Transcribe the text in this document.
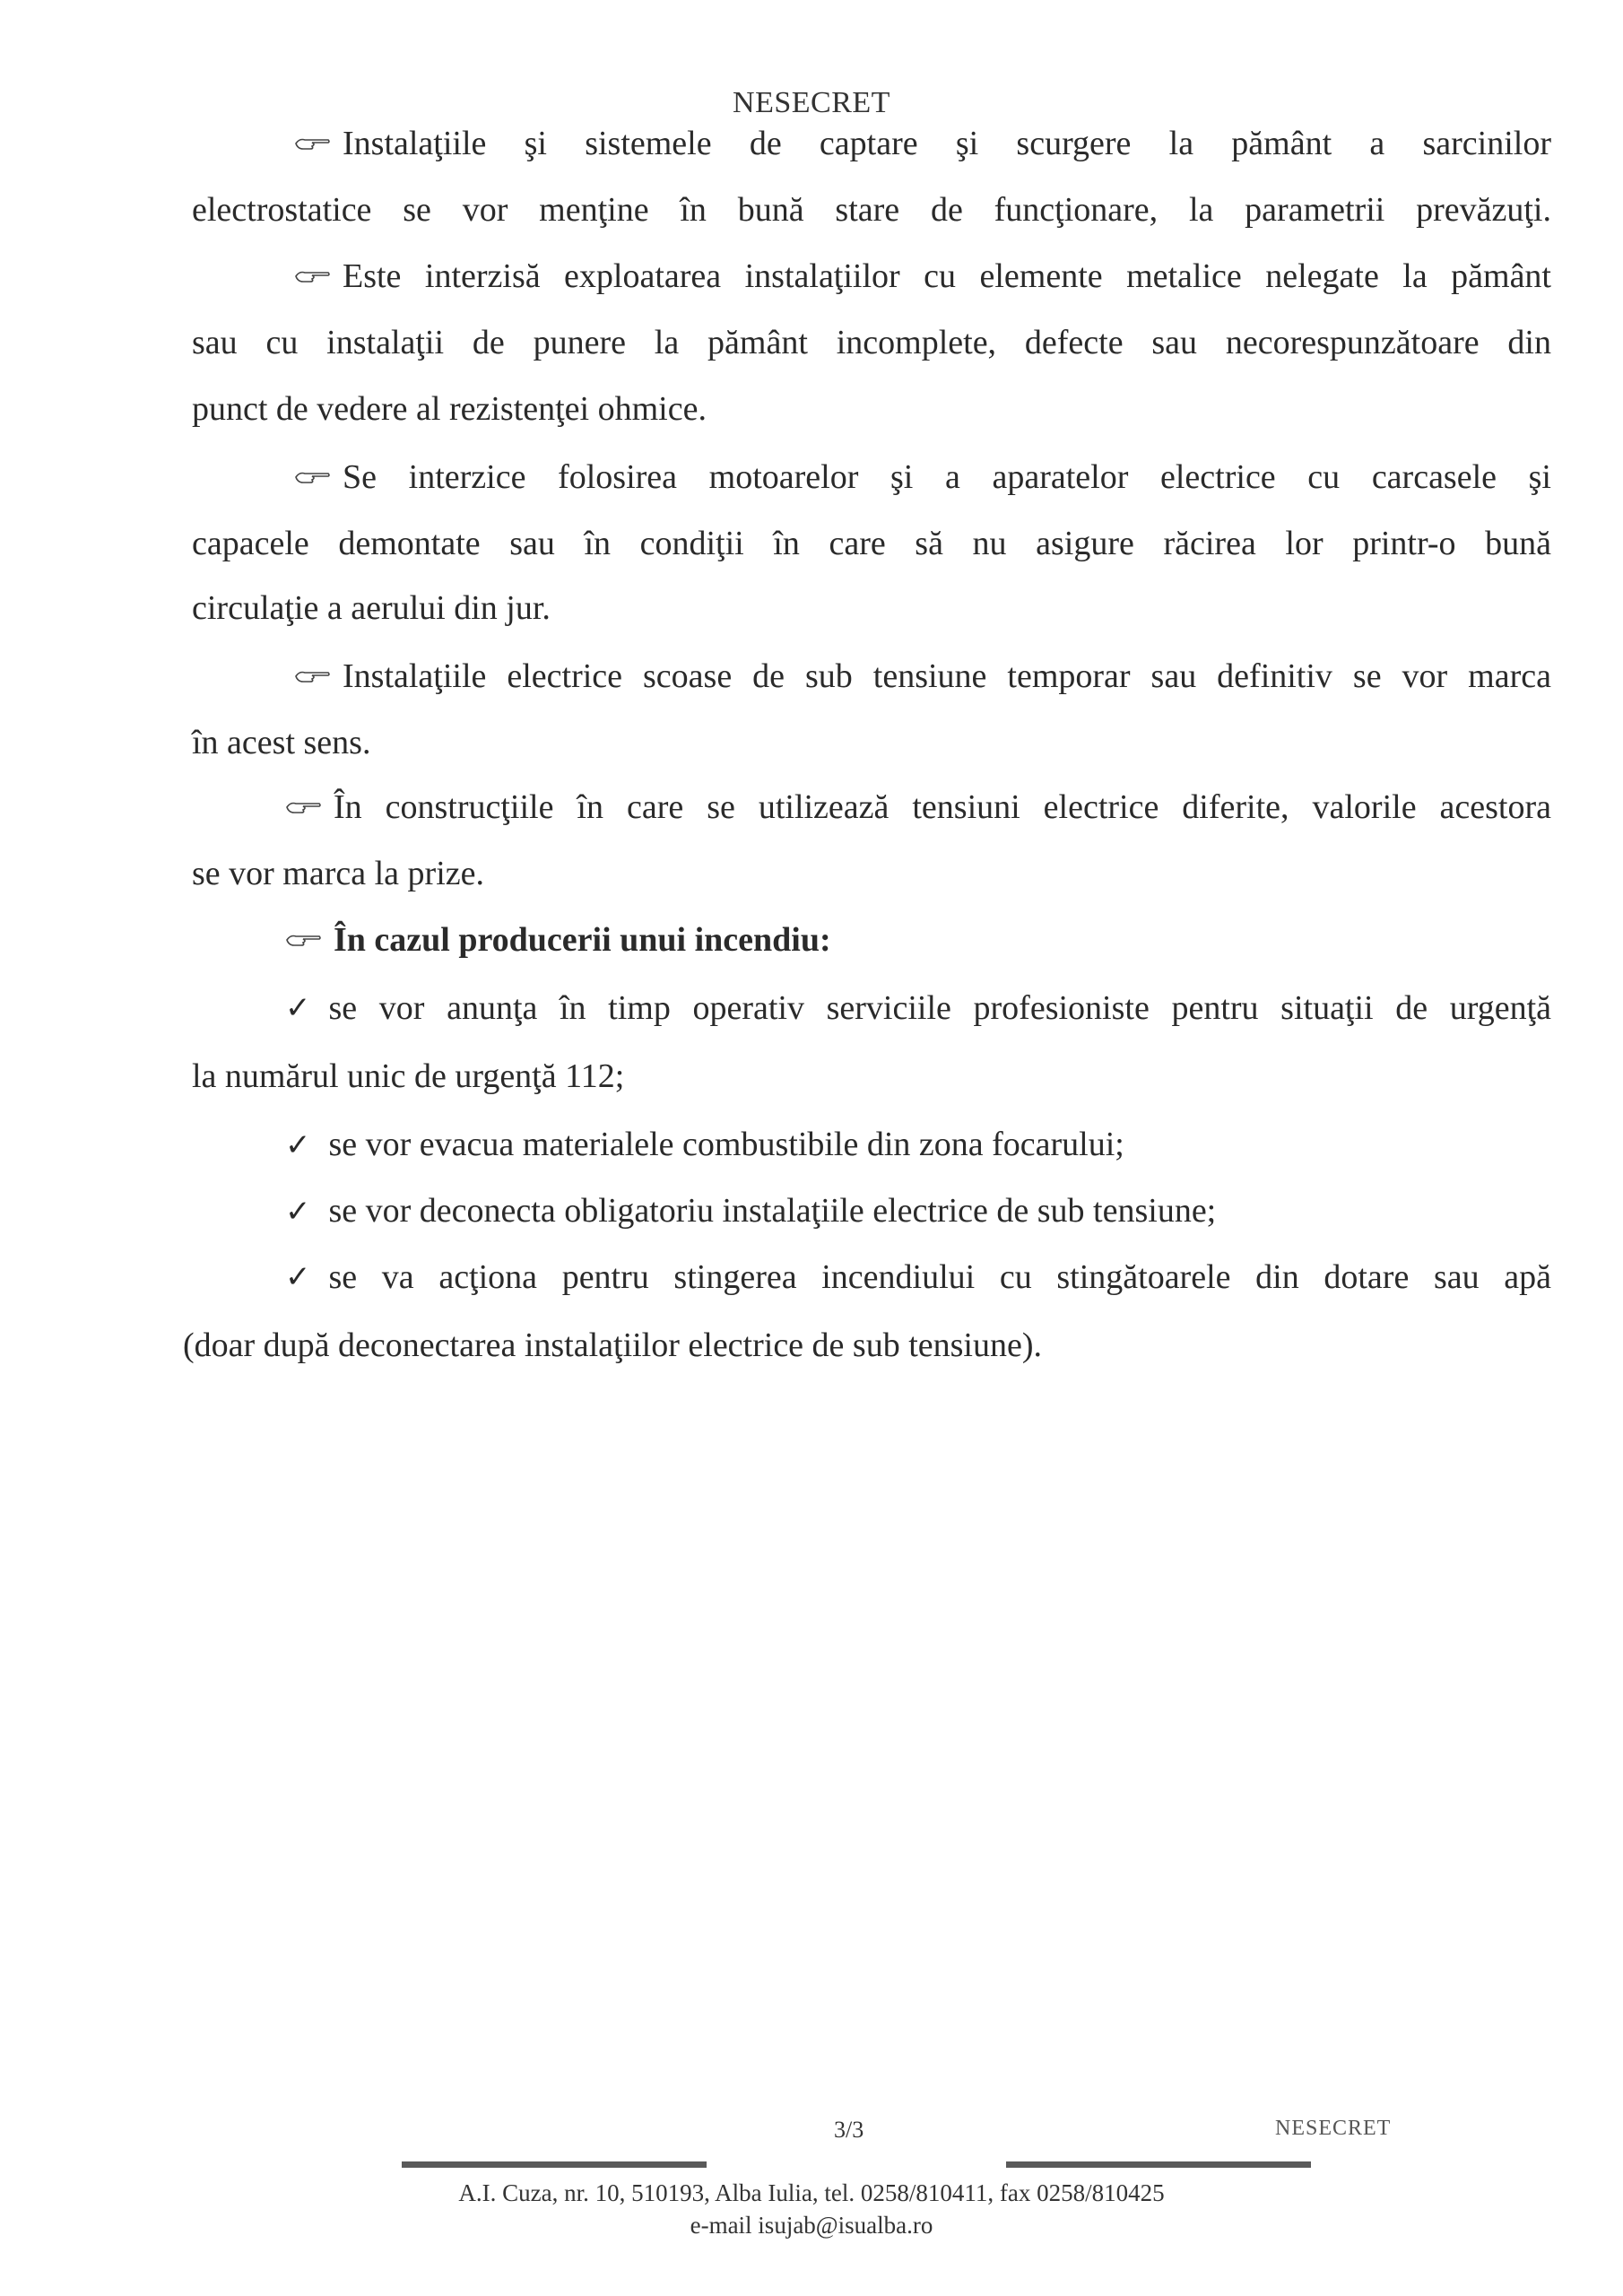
NESECRET
Instalaţiile şi sistemele de captare şi scurgere la pământ a sarcinilor
electrostatice se vor menţine în bună stare de funcţionare, la parametrii prevăzuţi.
Este interzisă exploatarea instalaţiilor cu elemente metalice nelegate la pământ
sau cu instalaţii de punere la pământ incomplete, defecte sau necorespunzătoare din
punct de vedere al rezistenţei ohmice.
Se interzice folosirea motoarelor şi a aparatelor electrice cu carcasele şi
capacele demontate sau în condiţii în care să nu asigure răcirea lor printr-o bună
circulaţie a aerului din jur.
Instalaţiile electrice scoase de sub tensiune temporar sau definitiv se vor marca
în acest sens.
În construcţiile în care se utilizează tensiuni electrice diferite, valorile acestora
se vor marca la prize.
În cazul producerii unui incendiu:
✓ se vor anunţa în timp operativ serviciile profesioniste pentru situaţii de urgenţă
la numărul unic de urgenţă 112;
✓ se vor evacua materialele combustibile din zona focarului;
✓ se vor deconecta obligatoriu instalaţiile electrice de sub tensiune;
✓ se va acţiona pentru stingerea incendiului cu stingătoarele din dotare sau apă
(doar după deconectarea instalaţiilor electrice de sub tensiune).
3/3	NESECRET
A.I. Cuza, nr. 10, 510193, Alba Iulia, tel. 0258/810411, fax 0258/810425
e-mail isujab@isualba.ro
